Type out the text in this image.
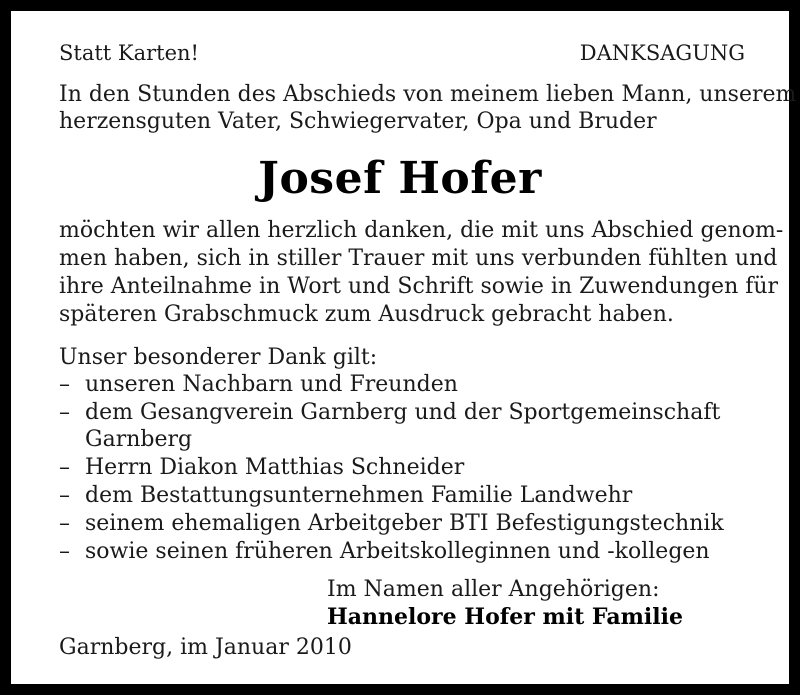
Statt Karten!	DANKSAGUNG
In den Stunden des Abschieds von meinem lieben Mann, unserem
herzensguten Vater, Schwiegervater, Opa und Bruder
Josef Hofer
möchten wir allen herzlich danken, die mit uns Abschied genom-
men haben, sich in stiller Trauer mit uns verbunden fühlten und
ihre Anteilnahme in Wort und Schrift sowie in Zuwendungen für
späteren Grabschmuck zum Ausdruck gebracht haben.
Unser besonderer Dank gilt:
– unseren Nachbarn und Freunden
– dem Gesangverein Garnberg und der Sportgemeinschaft
Garnberg
– Herrn Diakon Matthias Schneider
– dem Bestattungsunternehmen Familie Landwehr
– seinem ehemaligen Arbeitgeber BTI Befestigungstechnik
– sowie seinen früheren Arbeitskolleginnen und -kollegen
Im Namen aller Angehörigen:
Hannelore Hofer mit Familie
Garnberg, im Januar 2010
